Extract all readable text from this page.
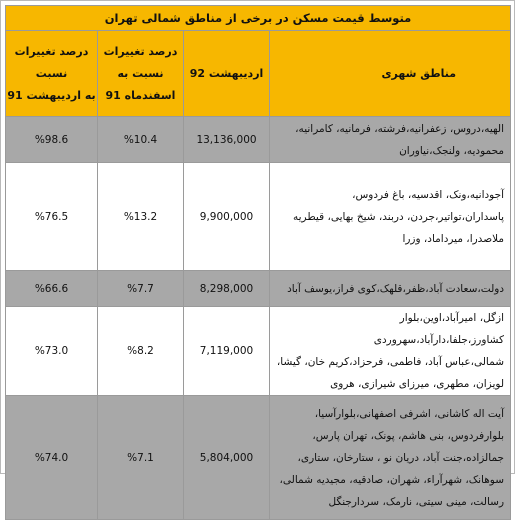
متوسط قیمت مسکن در برخی از مناطق شمالی تهران			

درصد تغییرات
نسبت
به اردیبهشت 91	درصد تغییرات
نسبت به
اسفندماه 91	اردیبهشت 92	مناطق شهری
%98.6	%10.4	13,136,000	الهیه،دروس، زعفرانیه،فرشته، فرمانیه، کامرانیه،
محمودیه، ولنجک،نیاوران

%76.5	%13.2	9,900,000	آجودانیه،ونک، اقدسیه، باغ فردوس،
پاسداران،تواتیر،جردن، دربند، شیخ بهایی، قیطریه
ملاصدرا، میرداماد، وزرا

%66.6	%7.7	8,298,000	دولت،سعادت آباد،ظفر،قلهک،کوی فراز،یوسف آباد

%73.0	%8.2	7,119,000	ازگل، امیرآباد،اوین،بلوار کشاورز،جلفا،دارآباد،سهروردی
شمالی،عباس آباد، فاطمی، فرحزاد،کریم خان، گیشا،
لویزان، مطهری، میرزای شیرازی، هروی

%74.0	%7.1	5,804,000	آیت اله کاشانی، اشرفی اصفهانی،بلوارآسیا،
بلوارفردوس، بنی هاشم، پونک، تهران پارس،
جمالزاده،جنت آباد، دریان نو ، ستارخان، ستاری،
سوهانک، شهرآراء، شهران، صادقیه، مجیدیه شمالی،
رسالت، مینی سیتی، نارمک، سردارجنگل
